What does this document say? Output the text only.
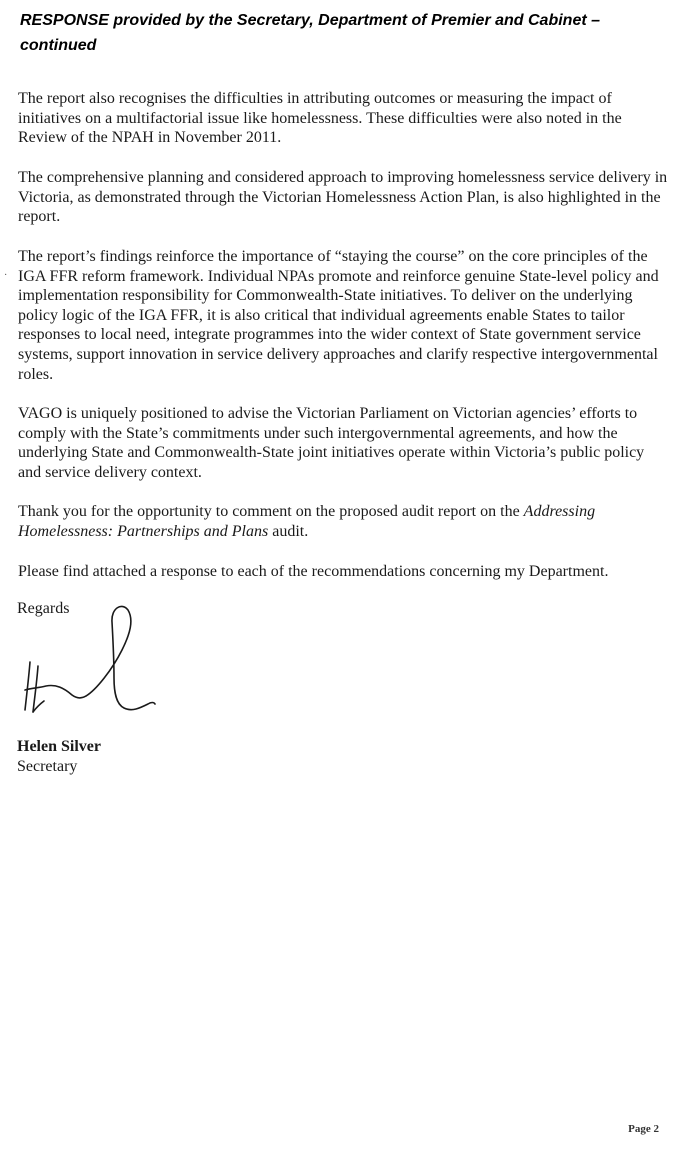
RESPONSE provided by the Secretary, Department of Premier and Cabinet – continued

·

The report also recognises the difficulties in attributing outcomes or measuring the impact of initiatives on a multifactorial issue like homelessness. These difficulties were also noted in the Review of the NPAH in November 2011.

The comprehensive planning and considered approach to improving homelessness service delivery in Victoria, as demonstrated through the Victorian Homelessness Action Plan, is also highlighted in the report.

The report’s findings reinforce the importance of “staying the course” on the core principles of the IGA FFR reform framework. Individual NPAs promote and reinforce genuine State-level policy and implementation responsibility for Commonwealth-State initiatives. To deliver on the underlying policy logic of the IGA FFR, it is also critical that individual agreements enable States to tailor responses to local need, integrate programmes into the wider context of State government service systems, support innovation in service delivery approaches and clarify respective intergovernmental roles.

VAGO is uniquely positioned to advise the Victorian Parliament on Victorian agencies’ efforts to comply with the State’s commitments under such intergovernmental agreements, and how the underlying State and Commonwealth-State joint initiatives operate within Victoria’s public policy and service delivery context.

Thank you for the opportunity to comment on the proposed audit report on the Addressing Homelessness: Partnerships and Plans audit.

Please find attached a response to each of the recommendations concerning my Department.

Regards

Helen Silver

Secretary

Page 2
